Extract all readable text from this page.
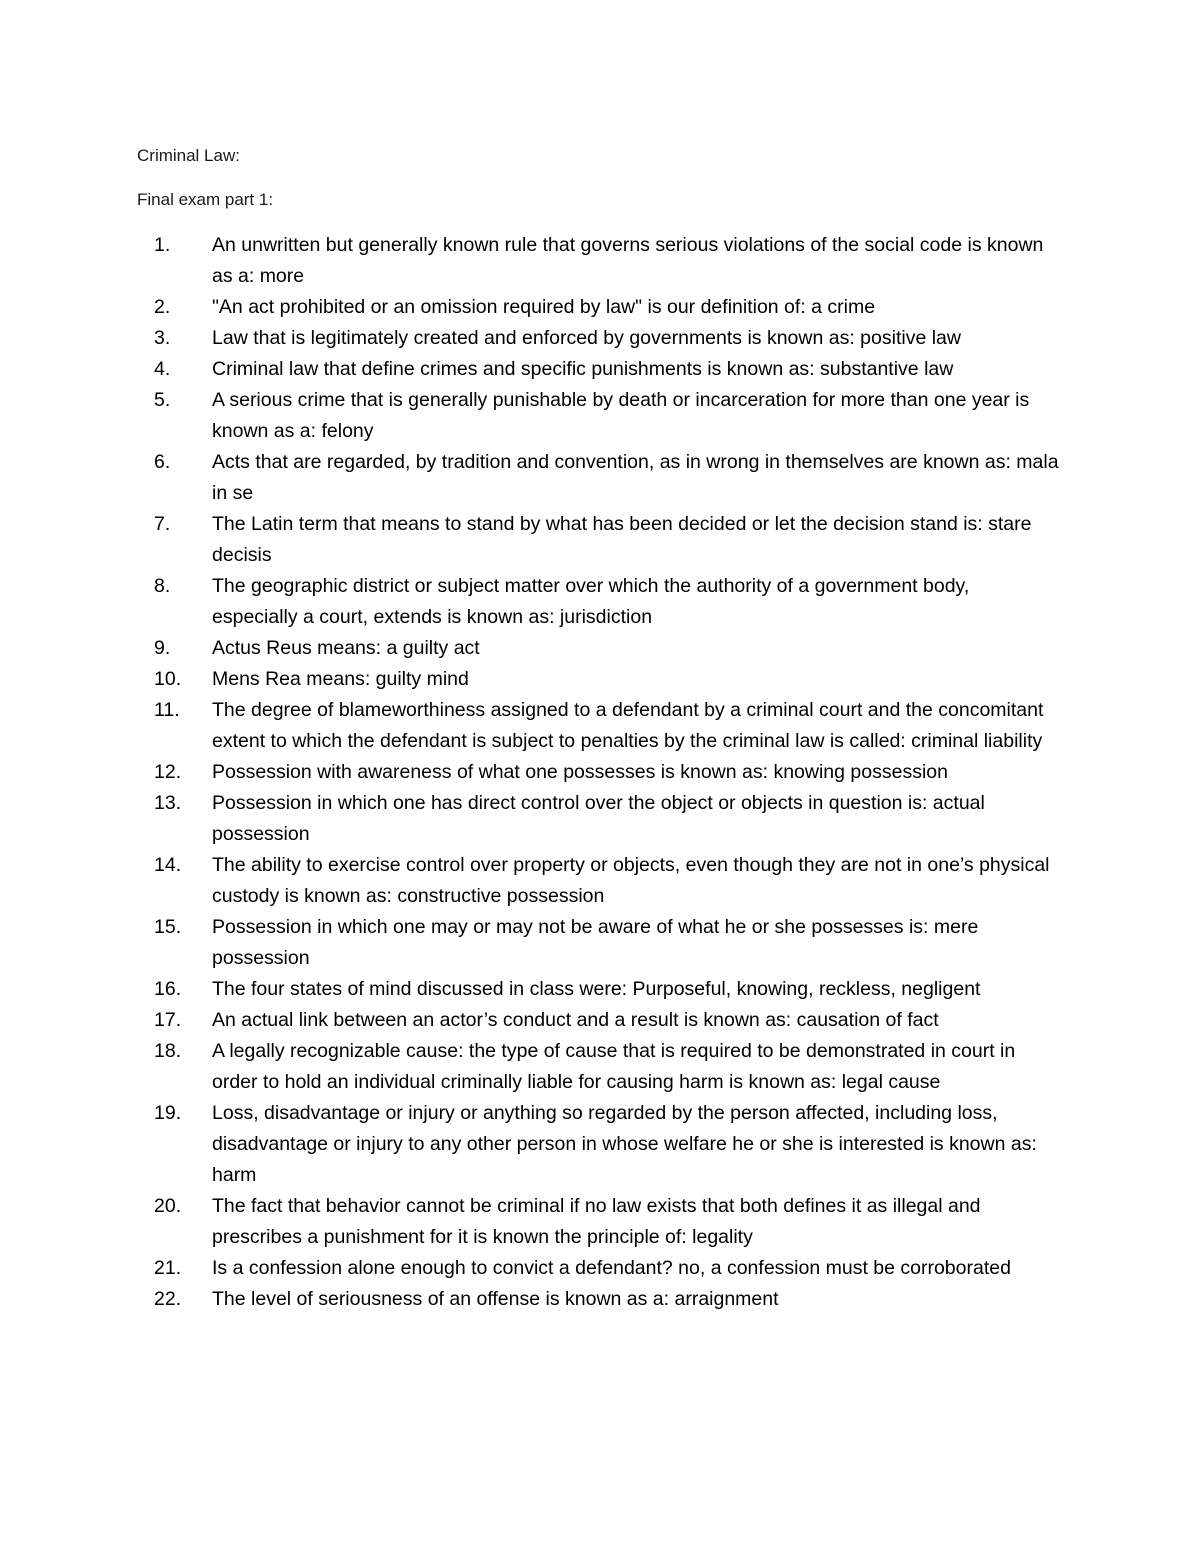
Criminal Law:
Final exam part 1:
1.	An unwritten but generally known rule that governs serious violations of the social code is known as a: more
2.	"An act prohibited or an omission required by law" is our definition of: a crime
3.	Law that is legitimately created and enforced by governments is known as: positive law
4.	Criminal law that define crimes and specific punishments is known as: substantive law
5.	A serious crime that is generally punishable by death or incarceration for more than one year is known as a: felony
6.	Acts that are regarded, by tradition and convention, as in wrong in themselves are known as: mala in se
7.	The Latin term that means to stand by what has been decided or let the decision stand is: stare decisis
8.	The geographic district or subject matter over which the authority of a government body, especially a court, extends is known as: jurisdiction
9.	Actus Reus means: a guilty act
10.	Mens Rea means: guilty mind
11.	The degree of blameworthiness assigned to a defendant by a criminal court and the concomitant extent to which the defendant is subject to penalties by the criminal law is called: criminal liability
12.	Possession with awareness of what one possesses is known as: knowing possession
13.	Possession in which one has direct control over the object or objects in question is: actual possession
14.	The ability to exercise control over property or objects, even though they are not in one’s physical custody is known as: constructive possession
15.	Possession in which one may or may not be aware of what he or she possesses is: mere possession
16.	The four states of mind discussed in class were: Purposeful, knowing, reckless, negligent
17.	An actual link between an actor’s conduct and a result is known as: causation of fact
18.	A legally recognizable cause: the type of cause that is required to be demonstrated in court in order to hold an individual criminally liable for causing harm is known as: legal cause
19.	Loss, disadvantage or injury or anything so regarded by the person affected, including loss, disadvantage or injury to any other person in whose welfare he or she is interested is known as: harm
20.	The fact that behavior cannot be criminal if no law exists that both defines it as illegal and prescribes a punishment for it is known the principle of: legality
21.	Is a confession alone enough to convict a defendant? no, a confession must be corroborated
22.	The level of seriousness of an offense is known as a: arraignment
